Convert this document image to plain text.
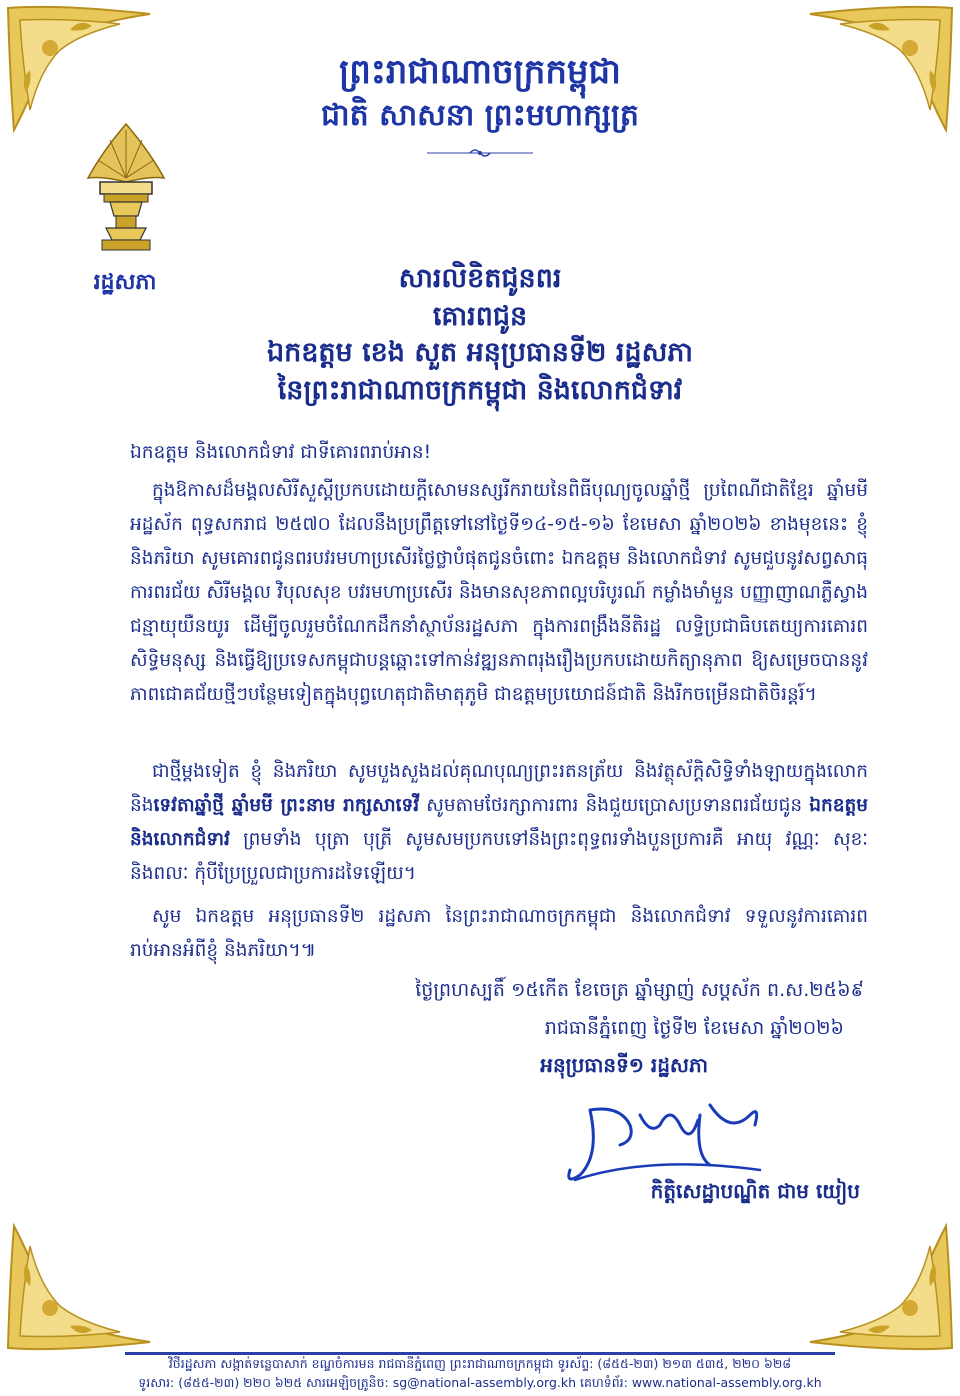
ព្រះរាជាណាចក្រកម្ពុជា
ជាតិ សាសនា ព្រះមហាក្សត្រ
រដ្ឋសភា	សារលិខិតជូនពរ
គោរពជូន
ឯកឧត្តម ខេង សួត អនុប្រធានទី២ រដ្ឋសភា
នៃព្រះរាជាណាចក្រកម្ពុជា និងលោកជំទាវ
ឯកឧត្តម និងលោកជំទាវ ជាទីគោរពរាប់អាន!
ក្នុងឱកាសដ៏មង្គលសិរីសួស្តីប្រកបដោយក្តីសោមនស្សរីករាយនៃពិធីបុណ្យចូលឆ្នាំថ្មី ប្រពៃណីជាតិខ្មែរ ឆ្នាំមមី អដ្ឋស័ក ពុទ្ធសករាជ ២៥៧០ ដែលនឹងប្រព្រឹត្តទៅនៅថ្ងៃទី១៤-១៥-១៦ ខែមេសា ឆ្នាំ២០២៦ ខាងមុខនេះ ខ្ញុំ និងភរិយា សូមគោរពជូនពរបវរមហាប្រសើរថ្លៃថ្លាបំផុតជូនចំពោះ ឯកឧត្តម និងលោកជំទាវ សូមជួបនូវសព្វសាធុការពរជ័យ សិរីមង្គល វិបុលសុខ បវរមហាប្រសើរ និងមានសុខភាពល្អបរិបូរណ៍ កម្លាំងមាំមួន បញ្ញាញាណភ្លឺស្វាង ជន្មាយុយឺនយូរ ដើម្បីចូលរួមចំណែកដឹកនាំស្ថាប័នរដ្ឋសភា ក្នុងការពង្រឹងនីតិរដ្ឋ លទ្ធិប្រជាធិបតេយ្យការគោរពសិទ្ធិមនុស្ស និងធ្វើឱ្យប្រទេសកម្ពុជាបន្តឆ្ពោះទៅកាន់វឌ្ឍនភាពរុងរឿងប្រកបដោយកិត្យានុភាព ឱ្យសម្រេចបាននូវភាពជោគជ័យថ្មីៗបន្ថែមទៀតក្នុងបុព្វហេតុជាតិមាតុភូមិ ជាឧត្តមប្រយោជន៍ជាតិ និងរីកចម្រើនជាតិចិរន្តរ៍។
ជាថ្មីម្តងទៀត ខ្ញុំ និងភរិយា សូមបួងសួងដល់គុណបុណ្យព្រះរតនត្រ័យ និងវត្ថុស័ក្តិសិទ្ធិទាំងឡាយក្នុងលោក និងទេវតាឆ្នាំថ្មី ឆ្នាំមមី ព្រះនាម រាក្សសាទេវី សូមតាមថែរក្សាការពារ និងជួយប្រោសប្រទានពរជ័យជូន ឯកឧត្តម និងលោកជំទាវ ព្រមទាំង បុត្រា បុត្រី សូមសមប្រកបទៅនឹងព្រះពុទ្ធពរទាំងបួនប្រការគឺ អាយុ វណ្ណៈ សុខៈ និងពលៈ កុំបីប្រែប្រួលជាប្រការដទៃឡើយ។
សូម ឯកឧត្តម អនុប្រធានទី២ រដ្ឋសភា នៃព្រះរាជាណាចក្រកម្ពុជា និងលោកជំទាវ ទទួលនូវការគោរពរាប់អានអំពីខ្ញុំ និងភរិយា។៕
ថ្ងៃព្រហស្បតិ៍ ១៥កើត ខែចេត្រ ឆ្នាំម្សាញ់ សប្តស័ក ព.ស.២៥៦៩
រាជធានីភ្នំពេញ ថ្ងៃទី២ ខែមេសា ឆ្នាំ២០២៦
អនុប្រធានទី១ រដ្ឋសភា
កិត្តិសេដ្ឋាបណ្ឌិត ជាម យៀប
វិថីរដ្ឋសភា សង្កាត់ទន្លេបាសាក់ ខណ្ឌចំការមន រាជធានីភ្នំពេញ ព្រះរាជាណាចក្រកម្ពុជា ទូរស័ព្ទ: (៨៥៥-២៣) ២១៣ ៥៣៥, ២២០ ៦២៨
ទូរសារ: (៨៥៥-២៣) ២២០ ៦២៥ សារអេឡិចត្រូនិច: sg@national-assembly.org.kh គេហទំព័រ: www.national-assembly.org.kh
